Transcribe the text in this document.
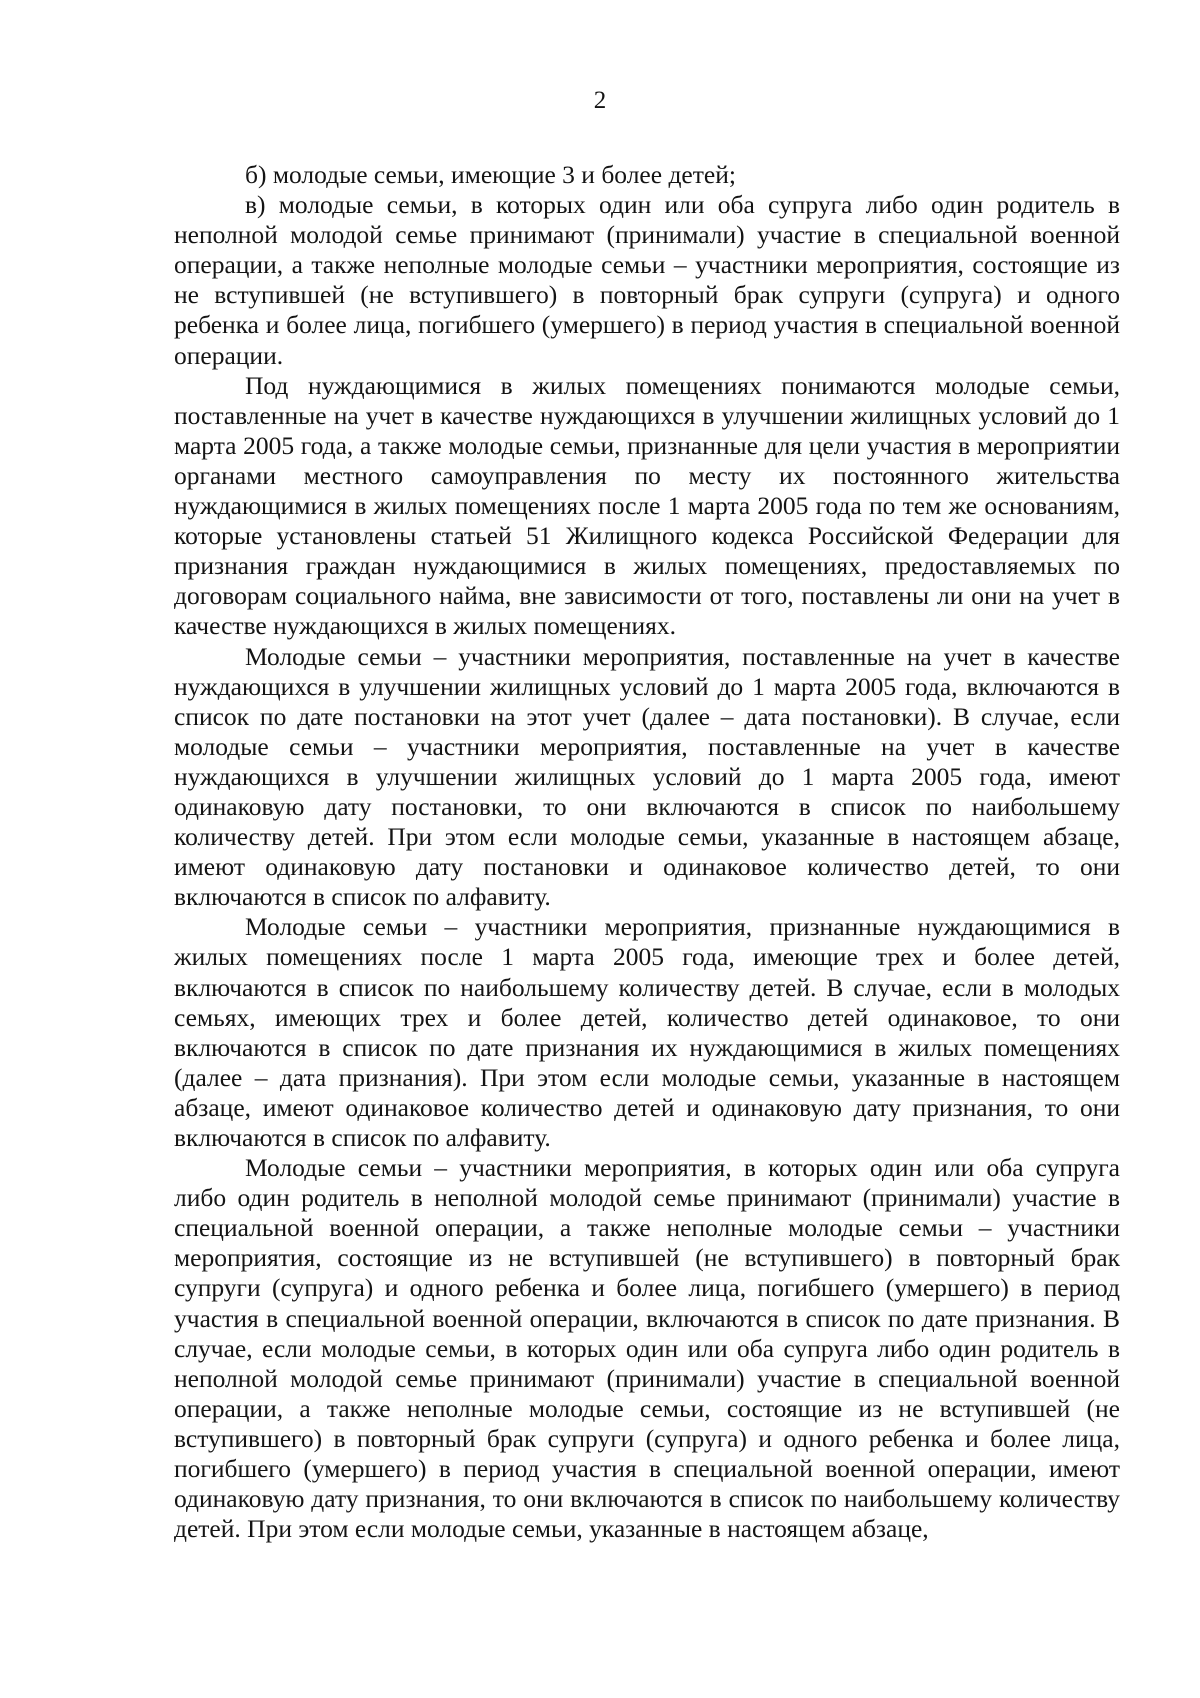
2

б) молодые семьи, имеющие 3 и более детей;

в) молодые семьи, в которых один или оба супруга либо один родитель в неполной молодой семье принимают (принимали) участие в специальной военной операции, а также неполные молодые семьи – участники мероприятия, состоящие из не вступившей (не вступившего) в повторный брак супруги (супруга) и одного ребенка и более лица, погибшего (умершего) в период участия в специальной военной операции.

Под нуждающимися в жилых помещениях понимаются молодые семьи, поставленные на учет в качестве нуждающихся в улучшении жилищных условий до 1 марта 2005 года, а также молодые семьи, признанные для цели участия в мероприятии органами местного самоуправления по месту их постоянного жительства нуждающимися в жилых помещениях после 1 марта 2005 года по тем же основаниям, которые установлены статьей 51 Жилищного кодекса Российской Федерации для признания граждан нуждающимися в жилых помещениях, предоставляемых по договорам социального найма, вне зависимости от того, поставлены ли они на учет в качестве нуждающихся в жилых помещениях.

Молодые семьи – участники мероприятия, поставленные на учет в качестве нуждающихся в улучшении жилищных условий до 1 марта 2005 года, включаются в список по дате постановки на этот учет (далее – дата постановки). В случае, если молодые семьи – участники мероприятия, поставленные на учет в качестве нуждающихся в улучшении жилищных условий до 1 марта 2005 года, имеют одинаковую дату постановки, то они включаются в список по наибольшему количеству детей. При этом если молодые семьи, указанные в настоящем абзаце, имеют одинаковую дату постановки и одинаковое количество детей, то они включаются в список по алфавиту.

Молодые семьи – участники мероприятия, признанные нуждающимися в жилых помещениях после 1 марта 2005 года, имеющие трех и более детей, включаются в список по наибольшему количеству детей. В случае, если в молодых семьях, имеющих трех и более детей, количество детей одинаковое, то они включаются в список по дате признания их нуждающимися в жилых помещениях (далее – дата признания). При этом если молодые семьи, указанные в настоящем абзаце, имеют одинаковое количество детей и одинаковую дату признания, то они включаются в список по алфавиту.

Молодые семьи – участники мероприятия, в которых один или оба супруга либо один родитель в неполной молодой семье принимают (принимали) участие в специальной военной операции, а также неполные молодые семьи – участники мероприятия, состоящие из не вступившей (не вступившего) в повторный брак супруги (супруга) и одного ребенка и более лица, погибшего (умершего) в период участия в специальной военной операции, включаются в список по дате признания. В случае, если молодые семьи, в которых один или оба супруга либо один родитель в неполной молодой семье принимают (принимали) участие в специальной военной операции, а также неполные молодые семьи, состоящие из не вступившей (не вступившего) в повторный брак супруги (супруга) и одного ребенка и более лица, погибшего (умершего) в период участия в специальной военной операции, имеют одинаковую дату признания, то они включаются в список по наибольшему количеству детей. При этом если молодые семьи, указанные в настоящем абзаце,
